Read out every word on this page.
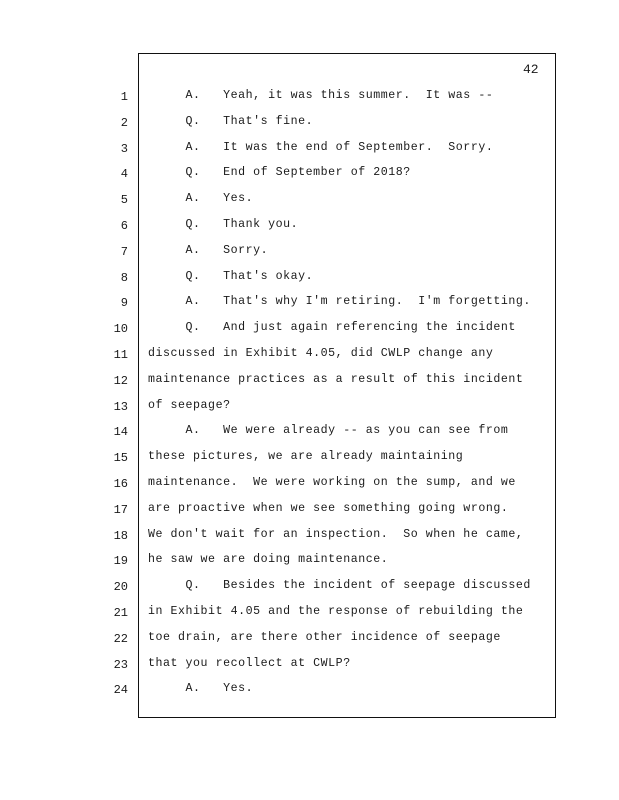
42
1 A.   Yeah, it was this summer.  It was --
2 Q.   That's fine.
3 A.   It was the end of September.  Sorry.
4 Q.   End of September of 2018?
5 A.   Yes.
6 Q.   Thank you.
7 A.   Sorry.
8 Q.   That's okay.
9 A.   That's why I'm retiring.  I'm forgetting.
10 Q.   And just again referencing the incident
11 discussed in Exhibit 4.05, did CWLP change any
12 maintenance practices as a result of this incident
13 of seepage?
14 A.   We were already -- as you can see from
15 these pictures, we are already maintaining
16 maintenance.  We were working on the sump, and we
17 are proactive when we see something going wrong.
18 We don't wait for an inspection.  So when he came,
19 he saw we are doing maintenance.
20 Q.   Besides the incident of seepage discussed
21 in Exhibit 4.05 and the response of rebuilding the
22 toe drain, are there other incidence of seepage
23 that you recollect at CWLP?
24 A.   Yes.
